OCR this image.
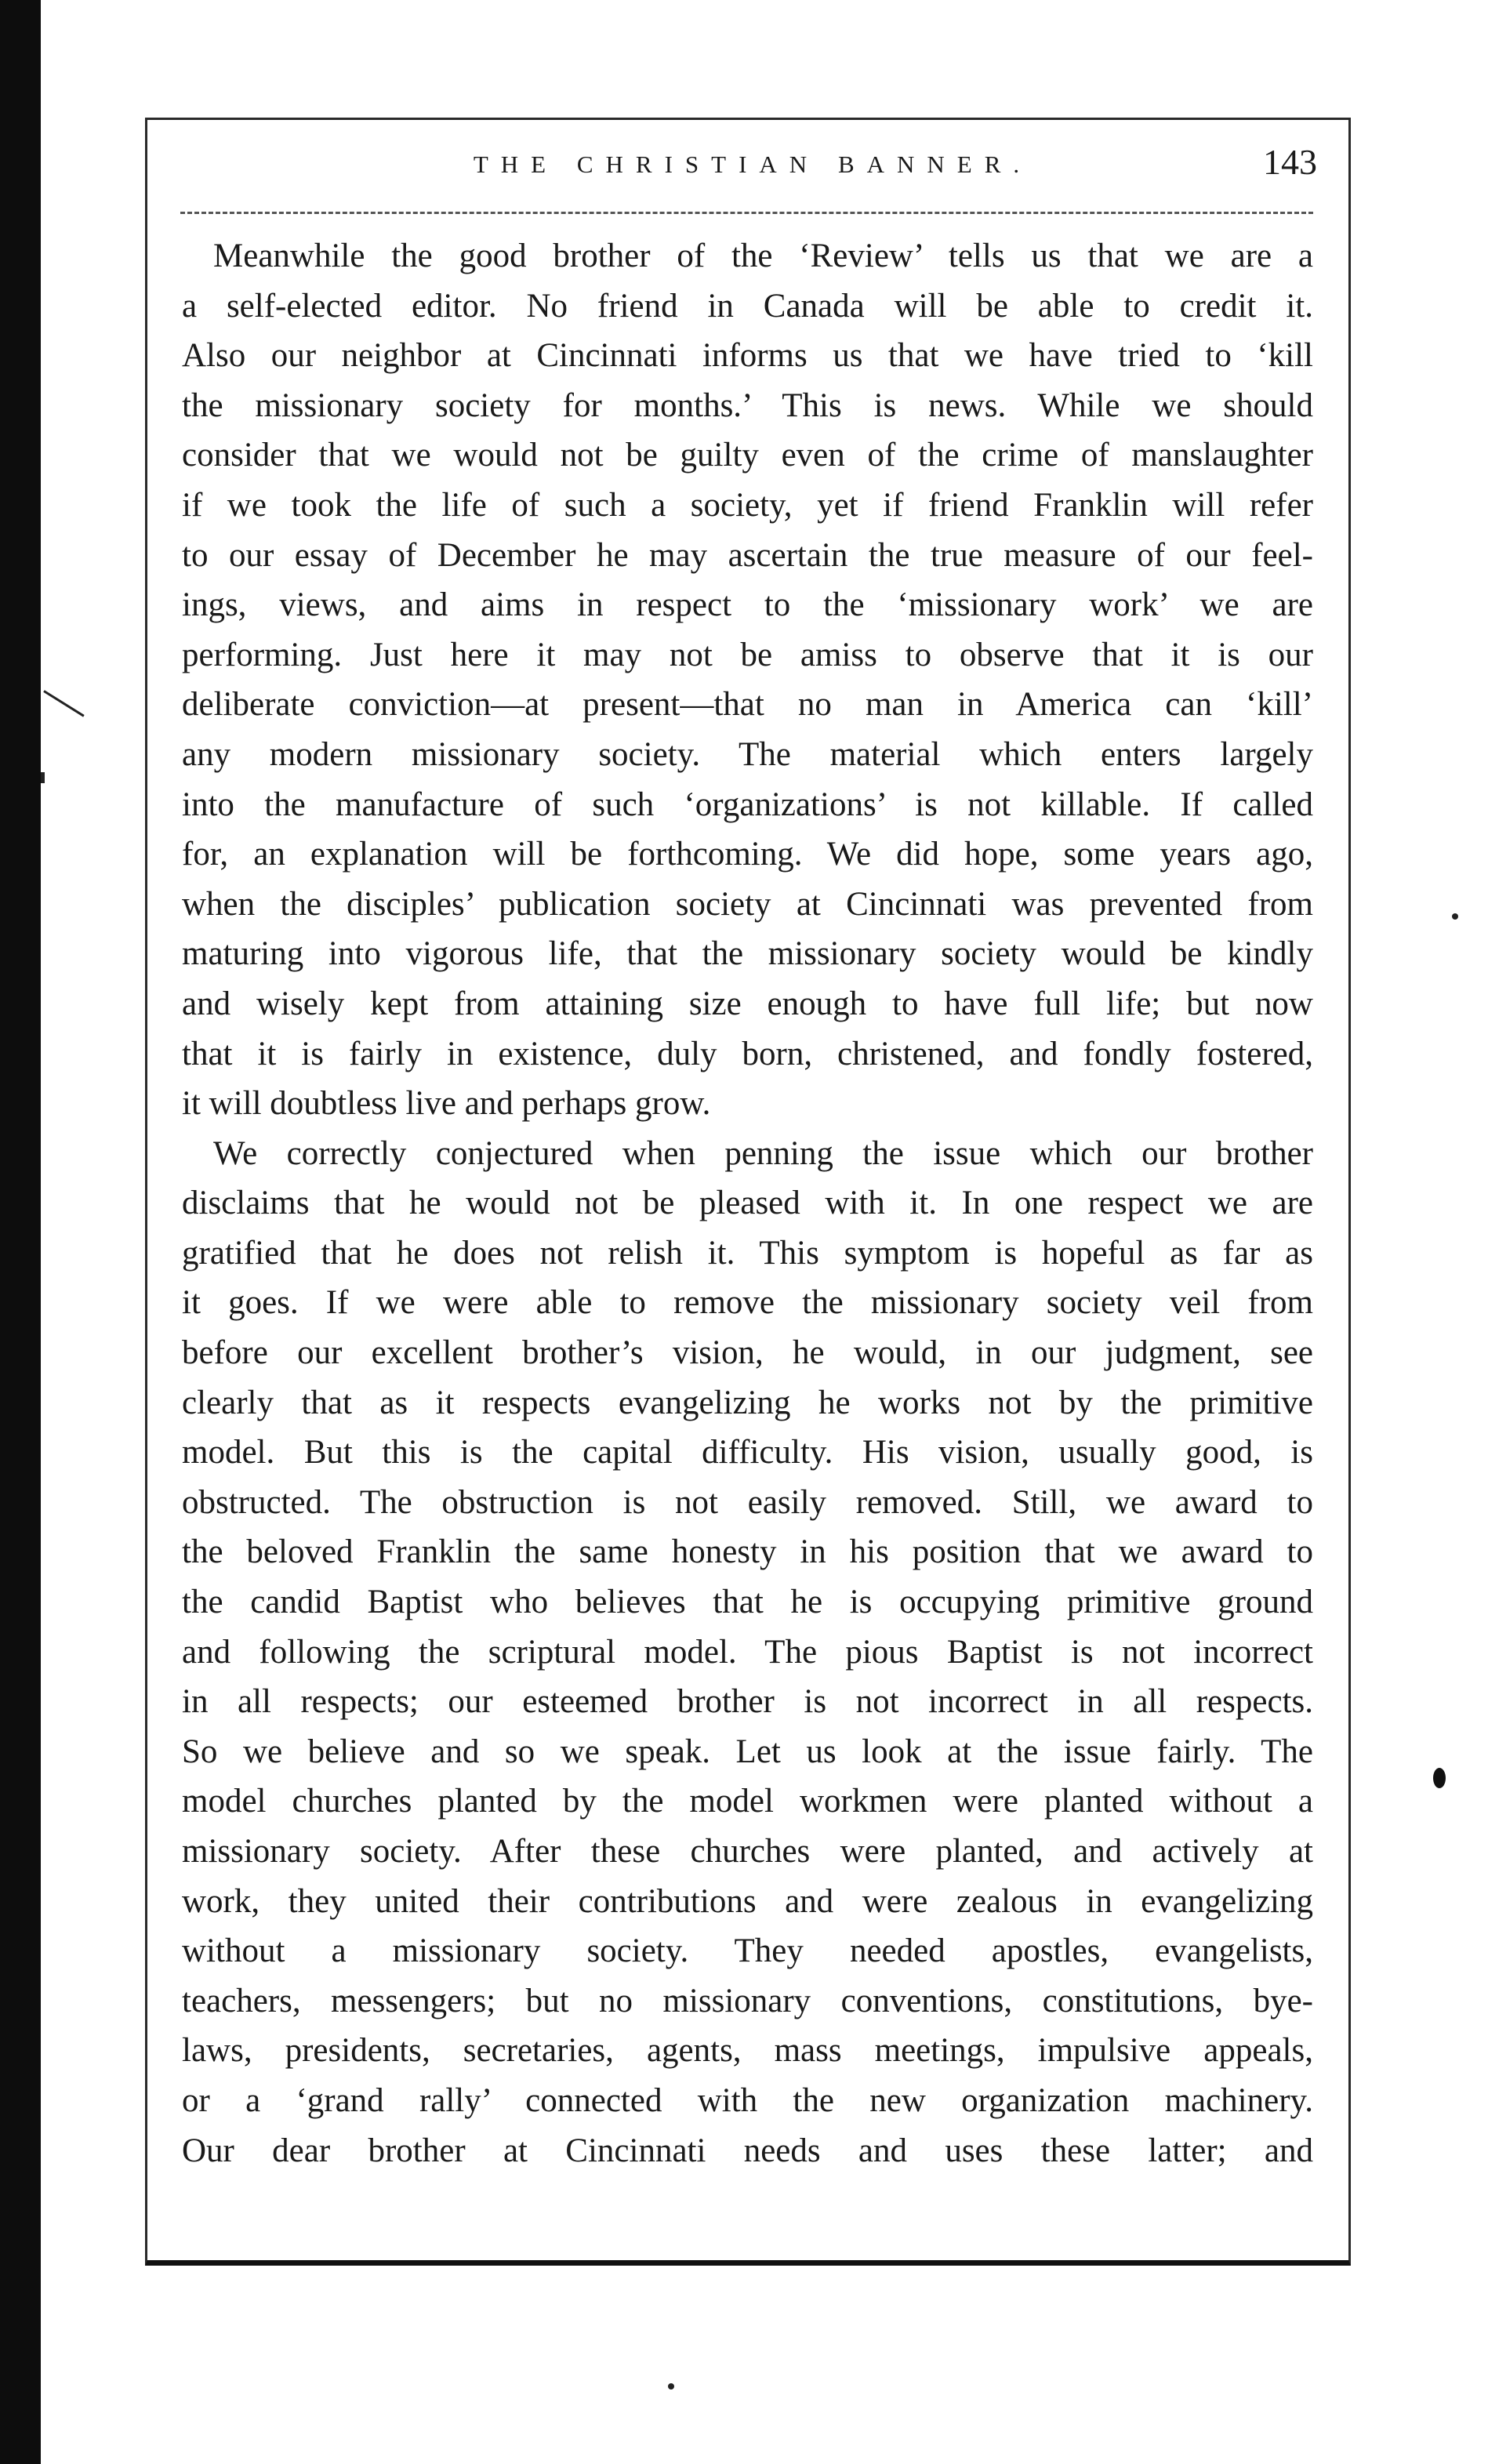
THE CHRISTIAN BANNER.	143
Meanwhile the good brother of the ‘Review’ tells us that we are a
a self-elected editor. No friend in Canada will be able to credit it.
Also our neighbor at Cincinnati informs us that we have tried to ‘kill
the missionary society for months.’ This is news. While we should
consider that we would not be guilty even of the crime of manslaughter
if we took the life of such a society, yet if friend Franklin will refer
to our essay of December he may ascertain the true measure of our feel-
ings, views, and aims in respect to the ‘missionary work’ we are
performing. Just here it may not be amiss to observe that it is our
deliberate conviction—at present—that no man in America can ‘kill’
any modern missionary society. The material which enters largely
into the manufacture of such ‘organizations’ is not killable. If called
for, an explanation will be forthcoming. We did hope, some years ago,
when the disciples’ publication society at Cincinnati was prevented from
maturing into vigorous life, that the missionary society would be kindly
and wisely kept from attaining size enough to have full life; but now
that it is fairly in existence, duly born, christened, and fondly fostered,
it will doubtless live and perhaps grow.
We correctly conjectured when penning the issue which our brother
disclaims that he would not be pleased with it. In one respect we are
gratified that he does not relish it. This symptom is hopeful as far as
it goes. If we were able to remove the missionary society veil from
before our excellent brother’s vision, he would, in our judgment, see
clearly that as it respects evangelizing he works not by the primitive
model. But this is the capital difficulty. His vision, usually good, is
obstructed. The obstruction is not easily removed. Still, we award to
the beloved Franklin the same honesty in his position that we award to
the candid Baptist who believes that he is occupying primitive ground
and following the scriptural model. The pious Baptist is not incorrect
in all respects; our esteemed brother is not incorrect in all respects.
So we believe and so we speak. Let us look at the issue fairly. The
model churches planted by the model workmen were planted without a
missionary society. After these churches were planted, and actively at
work, they united their contributions and were zealous in evangelizing
without a missionary society. They needed apostles, evangelists,
teachers, messengers; but no missionary conventions, constitutions, bye-
laws, presidents, secretaries, agents, mass meetings, impulsive appeals,
or a ‘grand rally’ connected with the new organization machinery.
Our dear brother at Cincinnati needs and uses these latter; and
